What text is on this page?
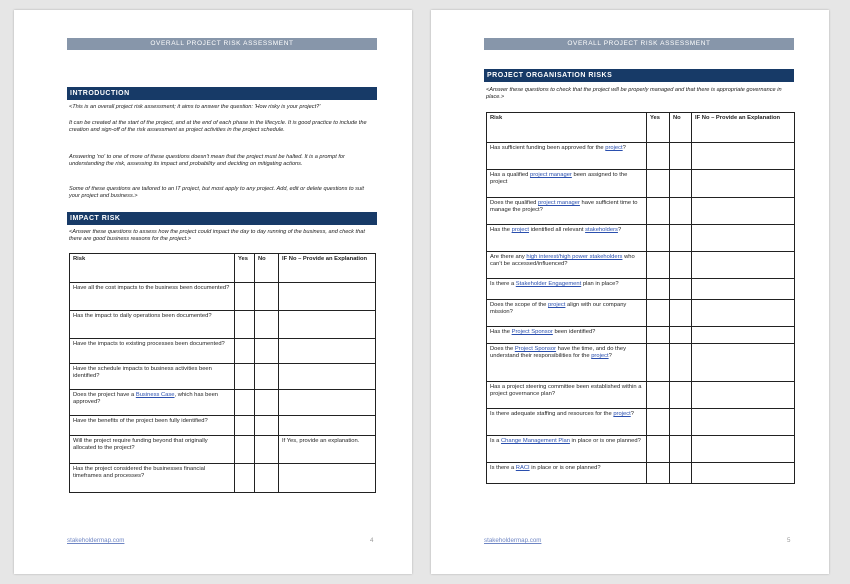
OVERALL PROJECT RISK ASSESSMENT
INTRODUCTION

<This is an overall project risk assessment; it aims to answer the question: 'How risky is your project?'

It can be created at the start of the project, and at the end of each phase in the lifecycle. It is good practice to include the creation and sign-off of the risk assessment as project activities in the project schedule.

Answering 'no' to one of more of these questions doesn't mean that the project must be halted. It is a prompt for understanding the risk, assessing its impact and probability and deciding on mitigating actions.

Some of these questions are tailored to an IT project, but most apply to any project. Add, edit or delete questions to suit your project and business.>

IMPACT RISK

<Answer these questions to assess how the project could impact the day to day running of the business, and check that there are good business reasons for the project.>

Risk	Yes	No	IF No – Provide an Explanation
Have all the cost impacts to the business been documented?			
Has the impact to daily operations been documented?			
Have the impacts to existing processes been documented?			
Have the schedule impacts to business activities been identified?			
Does the project have a Business Case, which has been approved?			
Have the benefits of the project been fully identified?			
Will the project require funding beyond that originally allocated to the project?			If Yes, provide an explanation.
Has the project considered the businesses financial timeframes and processes?			
stakeholdermap.com	4
OVERALL PROJECT RISK ASSESSMENT
PROJECT ORGANISATION RISKS

<Answer these questions to check that the project will be properly managed and that there is appropriate governance in place.>

Risk	Yes	No	IF No – Provide an Explanation
Has sufficient funding been approved for the project?			
Has a qualified project manager been assigned to the project			
Does the qualified project manager have sufficient time to manage the project?			
Has the project identified all relevant stakeholders?			
Are there any high interest/high power stakeholders who can't be accessed/influenced?			
Is there a Stakeholder Engagement plan in place?			
Does the scope of the project align with our company mission?			
Has the Project Sponsor been identified?			
Does the Project Sponsor have the time, and do they understand their responsibilities for the project?			
Has a project steering committee been established within a project governance plan?			
Is there adequate staffing and resources for the project?			
Is a Change Management Plan in place or is one planned?			
Is there a RACI in place or is one planned?			
stakeholdermap.com	5
